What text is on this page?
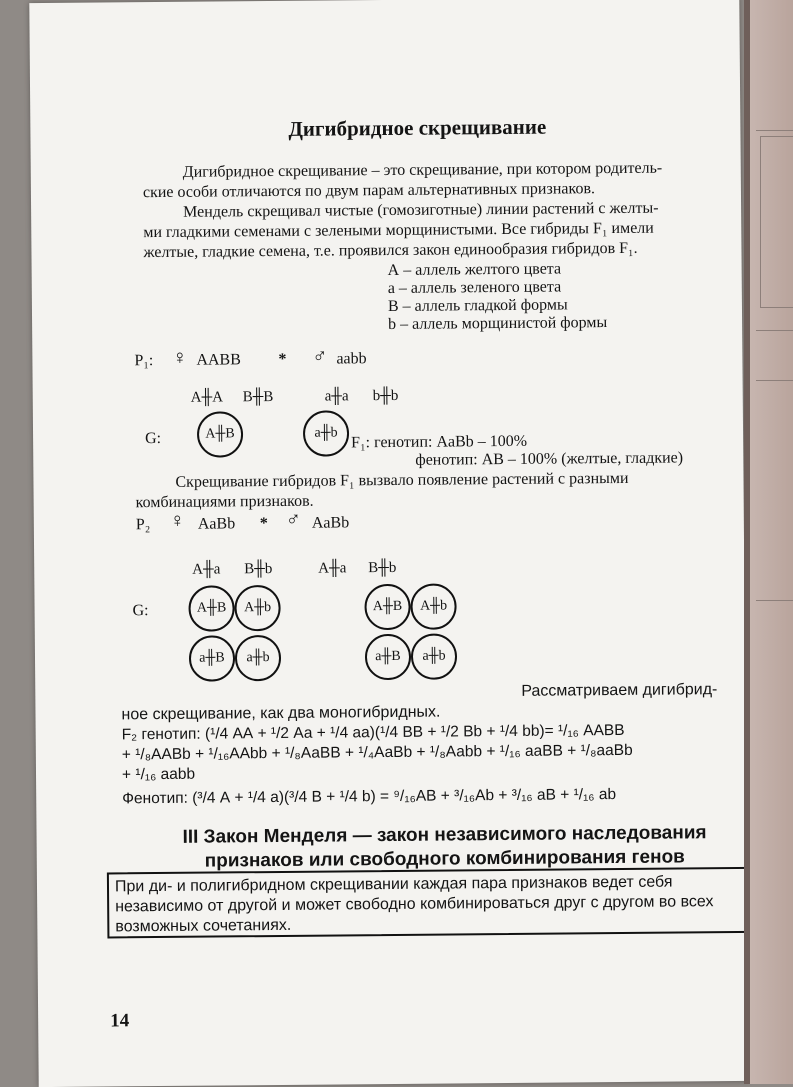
Дигибридное скрещивание
Дигибридное скрещивание – это скрещивание, при котором родитель-
ские особи отличаются по двум парам альтернативных признаков.
Мендель скрещивал чистые (гомозиготные) линии растений с желты-
ми гладкими семенами с зелеными морщинистыми. Все гибриды F₁ имели
желтые, гладкие семена, т.е. проявился закон единообразия гибридов F₁.
А – аллель желтого цвета
а – аллель зеленого цвета
В – аллель гладкой формы
b – аллель морщинистой формы
P₁: ♀ ААВВ * ♂ aabb
А╫А В╫В	а╫а b╫b
G:	А╫В	а╫b F₁: генотип: AaBb – 100%
фенотип: АВ – 100% (желтые, гладкие)
Скрещивание гибридов F₁ вызвало появление растений с разными
комбинациями признаков.
P₂ ♀ AaBb * ♂ AaBb
А╫а В╫b	А╫а В╫b
G:	А╫В А╫b
а╫В а╫b
А╫В А╫b
а╫В а╫b
Рассматриваем дигибрид-
ное скрещивание, как два моногибридных.
F₂ генотип: (¹/4 АА + ¹/2 Аа + ¹/4 аа)(¹/4 ВВ + ¹/2 Bb + ¹/4 bb)= ¹/₁₆ ААВВ
+ ¹/₈ААВb + ¹/₁₆ААbb + ¹/₈АаВВ + ¹/₄АаВb + ¹/₈Ааbb + ¹/₁₆ ааВВ + ¹/₈ааВb
+ ¹/₁₆ ааbb
Фенотип: (³/4 А + ¹/4 а)(³/4 В + ¹/4 b) = ⁹/₁₆АВ + ³/₁₆Аb + ³/₁₆ аВ + ¹/₁₆ аb
III Закон Менделя — закон независимого наследования признаков или свободного комбинирования генов
При ди- и полигибридном скрещивании каждая пара признаков ведет себя независимо от другой и может свободно комбинироваться друг с другом во всех возможных сочетаниях.
14
